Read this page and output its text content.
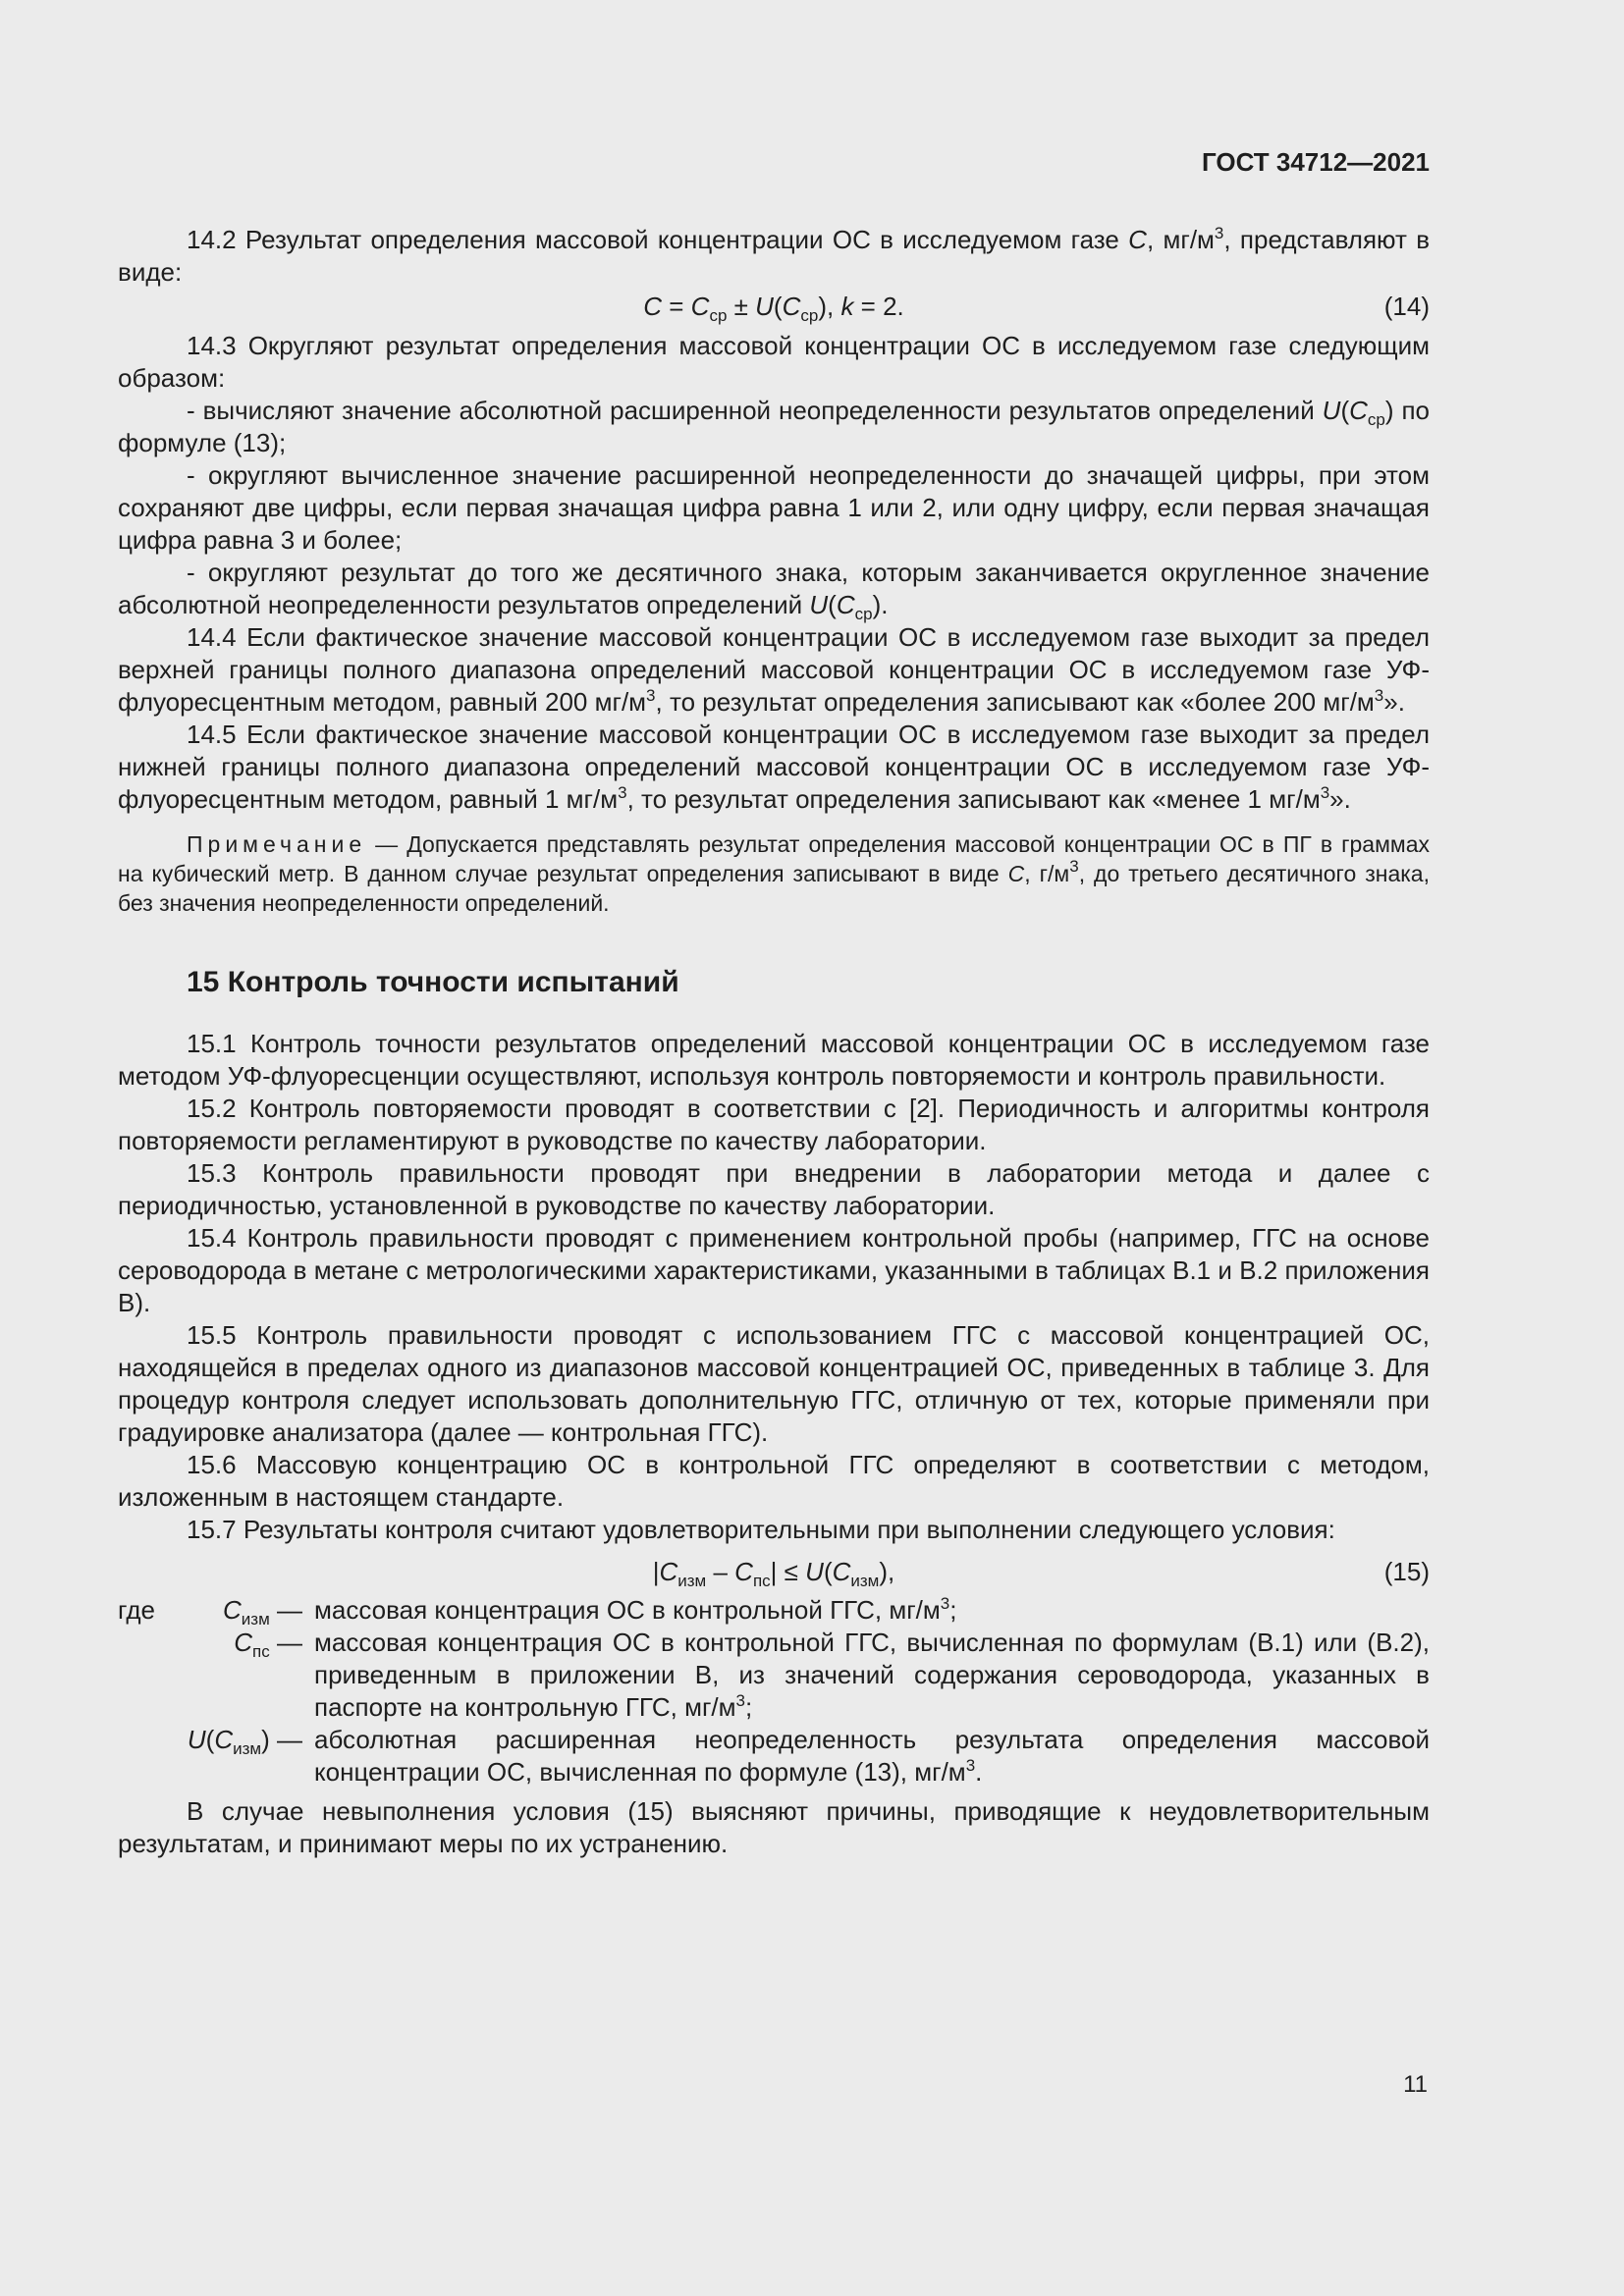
ГОСТ 34712—2021

14.2 Результат определения массовой концентрации ОС в исследуемом газе C, $мг/м^3$, представляют в виде:

$C = C_{ср} \pm U(C_{ср})$, k = 2.	(14)

14.3 Округляют результат определения массовой концентрации ОС в исследуемом газе следующим образом:

- вычисляют значение абсолютной расширенной неопределенности результатов определений $U(C_{ср})$ по формуле (13);

- округляют вычисленное значение расширенной неопределенности до значащей цифры, при этом сохраняют две цифры, если первая значащая цифра равна 1 или 2, или одну цифру, если первая значащая цифра равна 3 и более;

- округляют результат до того же десятичного знака, которым заканчивается округленное значение абсолютной неопределенности результатов определений $U(C_{ср})$.

14.4 Если фактическое значение массовой концентрации ОС в исследуемом газе выходит за предел верхней границы полного диапазона определений массовой концентрации ОС в исследуемом газе УФ-флуоресцентным методом, равный 200 $мг/м^3$, то результат определения записывают как «более 200 $мг/м^3$».

14.5 Если фактическое значение массовой концентрации ОС в исследуемом газе выходит за предел нижней границы полного диапазона определений массовой концентрации ОС в исследуемом газе УФ-флуоресцентным методом, равный 1 $мг/м^3$, то результат определения записывают как «менее 1 $мг/м^3$».

Примечание — Допускается представлять результат определения массовой концентрации ОС в ПГ в граммах на кубический метр. В данном случае результат определения записывают в виде C, $г/м^3$, до третьего десятичного знака, без значения неопределенности определений.

15 Контроль точности испытаний

15.1 Контроль точности результатов определений массовой концентрации ОС в исследуемом газе методом УФ-флуоресценции осуществляют, используя контроль повторяемости и контроль правильности.

15.2 Контроль повторяемости проводят в соответствии с [2]. Периодичность и алгоритмы контроля повторяемости регламентируют в руководстве по качеству лаборатории.

15.3 Контроль правильности проводят при внедрении в лаборатории метода и далее с периодичностью, установленной в руководстве по качеству лаборатории.

15.4 Контроль правильности проводят с применением контрольной пробы (например, ГГС на основе сероводорода в метане с метрологическими характеристиками, указанными в таблицах В.1 и В.2 приложения В).

15.5 Контроль правильности проводят с использованием ГГС с массовой концентрацией ОС, находящейся в пределах одного из диапазонов массовой концентрацией ОС, приведенных в таблице 3. Для процедур контроля следует использовать дополнительную ГГС, отличную от тех, которые применяли при градуировке анализатора (далее — контрольная ГГС).

15.6 Массовую концентрацию ОС в контрольной ГГС определяют в соответствии с методом, изложенным в настоящем стандарте.

15.7 Результаты контроля считают удовлетворительными при выполнении следующего условия:

$|C_{изм} - C_{пс}| \le U(C_{изм})$,	(15)
где	$C_{изм}$ — массовая концентрация ОС в контрольной ГГС, $мг/м^3$;
$C_{пс}$ — массовая концентрация ОС в контрольной ГГС, вычисленная по формулам (В.1) или (В.2), приведенным в приложении В, из значений содержания сероводорода, указанных в паспорте на контрольную ГГС, $мг/м^3$;
$U(C_{изм})$ — абсолютная расширенная неопределенность результата определения массовой концентрации ОС, вычисленная по формуле (13), $мг/м^3$.

В случае невыполнения условия (15) выясняют причины, приводящие к неудовлетворительным результатам, и принимают меры по их устранению.

11
